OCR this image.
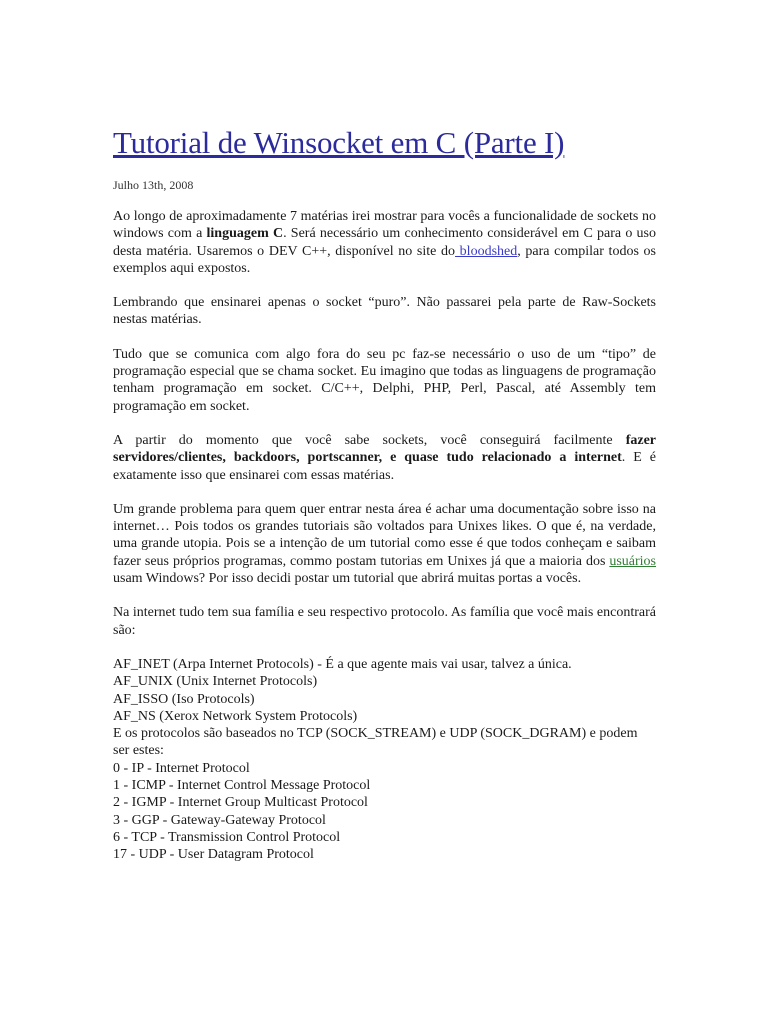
Tutorial de Winsocket em C (Parte I)
Julho 13th, 2008

Ao longo de aproximadamente 7 matérias irei mostrar para vocês a funcionalidade de sockets no windows com a linguagem C. Será necessário um conhecimento considerável em C para o uso desta matéria. Usaremos o DEV C++, disponível no site do bloodshed, para compilar todos os exemplos aqui expostos.

Lembrando que ensinarei apenas o socket “puro”. Não passarei pela parte de Raw-Sockets nestas matérias.

Tudo que se comunica com algo fora do seu pc faz-se necessário o uso de um “tipo” de programação especial que se chama socket. Eu imagino que todas as linguagens de programação tenham programação em socket. C/C++, Delphi, PHP, Perl, Pascal, até Assembly tem programação em socket.

A partir do momento que você sabe sockets, você conseguirá facilmente fazer servidores/clientes, backdoors, portscanner, e quase tudo relacionado a internet. E é exatamente isso que ensinarei com essas matérias.

Um grande problema para quem quer entrar nesta área é achar uma documentação sobre isso na internet… Pois todos os grandes tutoriais são voltados para Unixes likes. O que é, na verdade, uma grande utopia. Pois se a intenção de um tutorial como esse é que todos conheçam e saibam fazer seus próprios programas, commo postam tutorias em Unixes já que a maioria dos usuários usam Windows? Por isso decidi postar um tutorial que abrirá muitas portas a vocês.

Na internet tudo tem sua família e seu respectivo protocolo. As família que você mais encontrará são:

AF_INET (Arpa Internet Protocols) - É a que agente mais vai usar, talvez a única.
AF_UNIX (Unix Internet Protocols)
AF_ISSO (Iso Protocols)
AF_NS (Xerox Network System Protocols)
E os protocolos são baseados no TCP (SOCK_STREAM) e UDP (SOCK_DGRAM) e podem ser estes:
0 - IP - Internet Protocol
1 - ICMP - Internet Control Message Protocol
2 - IGMP - Internet Group Multicast Protocol
3 - GGP - Gateway-Gateway Protocol
6 - TCP - Transmission Control Protocol
17 - UDP - User Datagram Protocol
